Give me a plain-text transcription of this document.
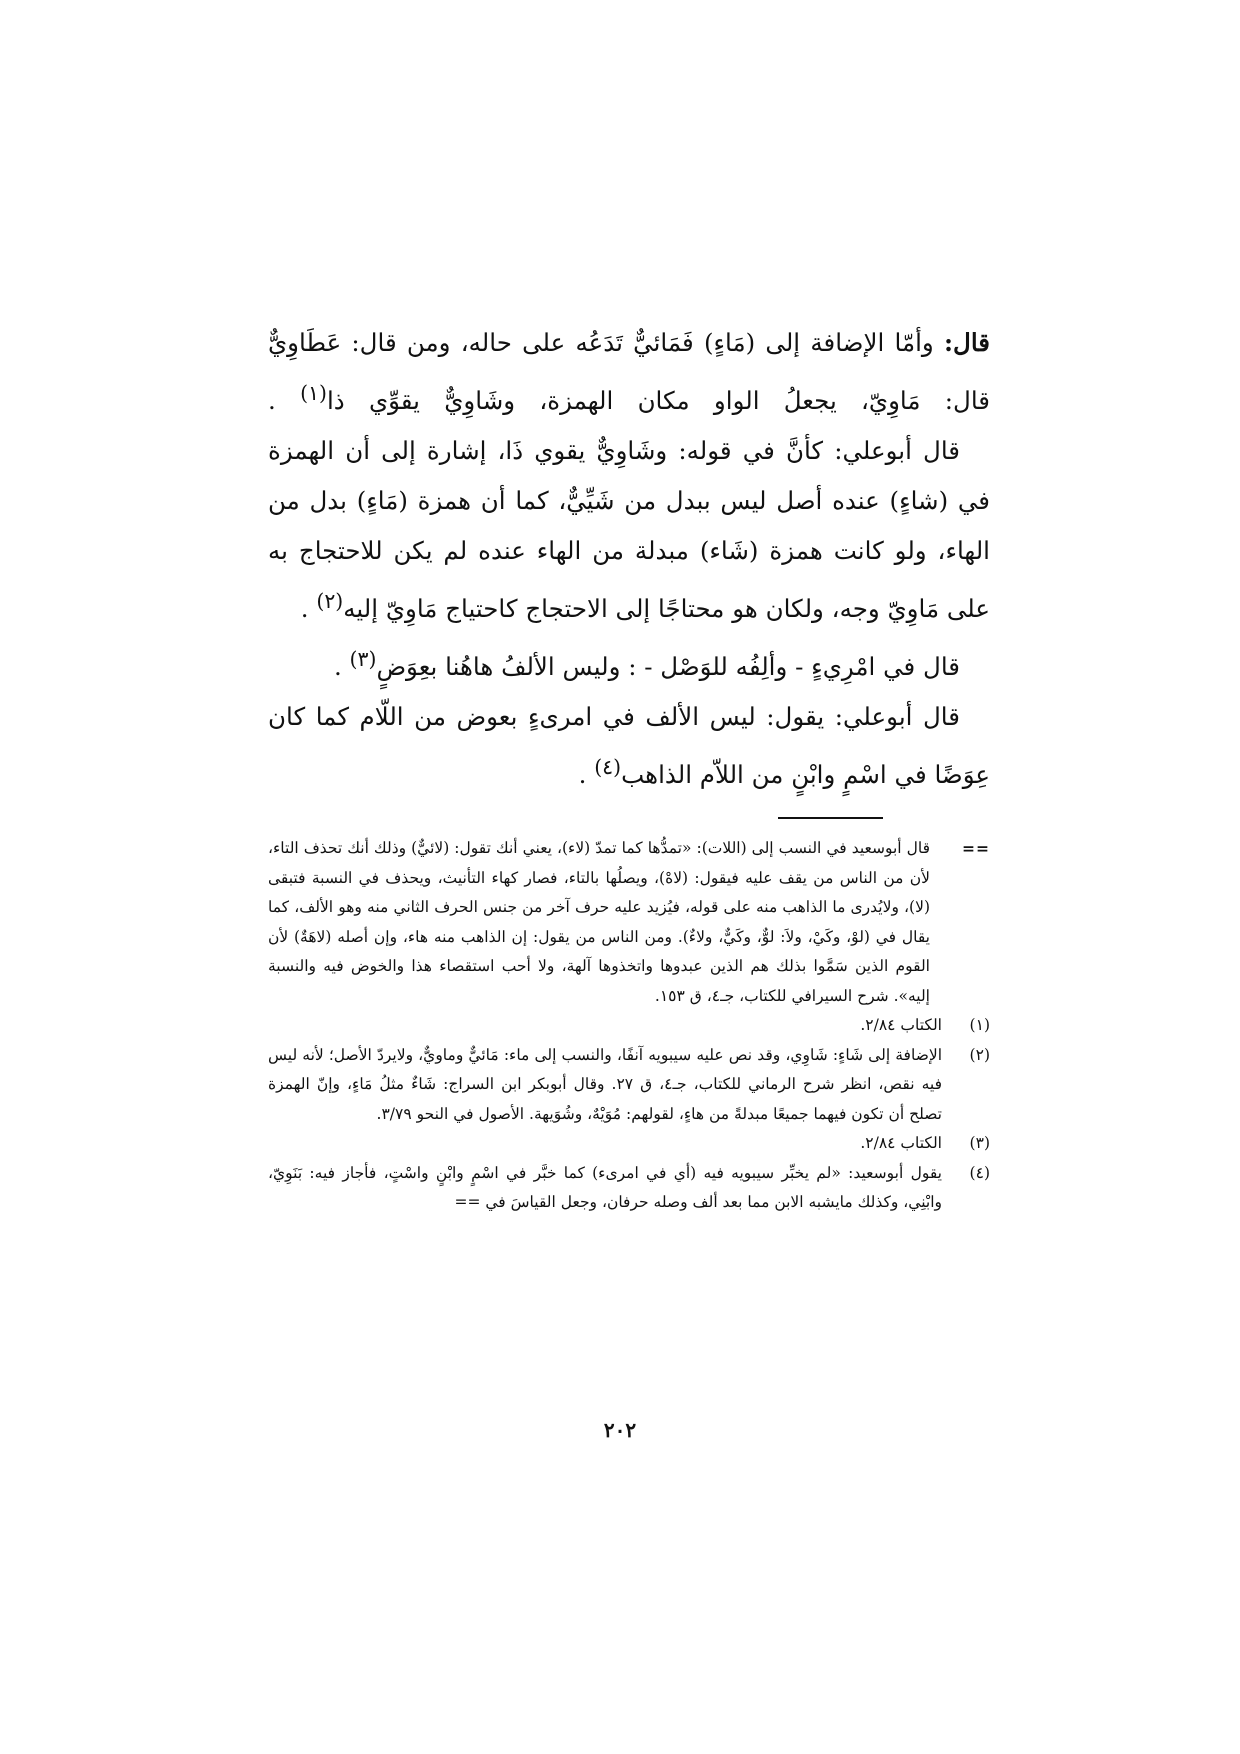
قال: وأمّا الإضافة إلى (مَاءٍ) فَمَائيٌّ تَدَعُه على حاله، ومن قال: عَطَاوِيٌّ قال: مَاوِيّ، يجعلُ الواو مكان الهمزة، وشَاوِيٌّ يقوِّي ذا$^{(١)}$ .

قال أبوعلي: كأنَّ في قوله: وشَاوِيٌّ يقوي ذَا، إشارة إلى أن الهمزة في (شاءٍ) عنده أصل ليس ببدل من شَيِّيٌّ، كما أن همزة (مَاءٍ) بدل من الهاء، ولو كانت همزة (شَاء) مبدلة من الهاء عنده لم يكن للاحتجاج به على مَاوِيّ وجه، ولكان هو محتاجًا إلى الاحتجاج كاحتياج مَاوِيّ إليه$^{(٢)}$ .

قال في امْرِيءٍ - وألِفُه للوَصْل - : وليس الألفُ هاهُنا بعِوَضٍ$^{(٣)}$ .

قال أبوعلي: يقول: ليس الألف في امرىءٍ بعوض من اللّام كما كان عِوَضًا في اسْمٍ وابْنٍ من اللاّم الذاهب$^{(٤)}$ .

==
قال أبوسعيد في النسب إلى (اللات): «تمدُّها كما تمدّ (لاء)، يعني أنك تقول: (لائيٌّ) وذلك أنك تحذف التاء، لأن من الناس من يقف عليه فيقول: (لاهْ)، ويصلُها بالتاء، فصار كهاء التأنيث، ويحذف في النسبة فتبقى (لا)، ولايُدرى ما الذاهب منه على قوله، فيُزيد عليه حرف آخر من جنس الحرف الثاني منه وهو الألف، كما يقال في (لوْ، وكَيْ، ولاَ: لوٌّ، وكَيٌّ، ولاءٌ). ومن الناس من يقول: إن الذاهب منه هاء، وإن أصله (لاهَةٌ) لأن القوم الذين سَمَّوا بذلك هم الذين عبدوها واتخذوها آلهة، ولا أحب استقصاء هذا والخوض فيه والنسبة إليه». شرح السيرافي للكتاب، جـ٤، ق ١٥٣.
(١)
الكتاب ٢/٨٤.
(٢)
الإضافة إلى شَاءٍ: شَاوِي، وقد نص عليه سيبويه آنفًا، والنسب إلى ماء: مَائيٌّ وماويٌّ، ولايردّ الأصل؛ لأنه ليس فيه نقص، انظر شرح الرماني للكتاب، جـ٤، ق ٢٧. وقال أبوبكر ابن السراج: شَاءٌ مثلُ مَاءٍ، وإنّ الهمزة تصلح أن تكون فيهما جميعًا مبدلةً من هاءٍ، لقولهم: مُوَيْهٌ، وشُوَيهة. الأصول في النحو ٣/٧٩.
(٣)
الكتاب ٢/٨٤.
(٤)
يقول أبوسعيد: «لم يخبِّر سيبويه فيه (أي في امرىء) كما خبَّر في اسْمٍ وابْنٍ واسْتٍ، فأجاز فيه: بَنَوِيّ، وابْنِي، وكذلك مايشبه الابن مما بعد ألف وصله حرفان، وجعل القياسَ في ==
٢٠٢
